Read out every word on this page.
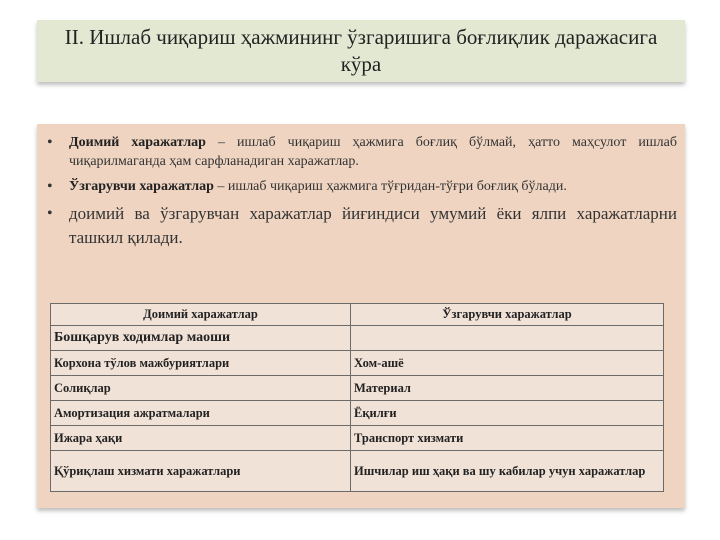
II. Ишлаб чиқариш ҳажмининг ўзгаришига боғлиқлик даражасига кўра
• Доимий харажатлар – ишлаб чиқариш ҳажмига боғлиқ бўлмай, ҳатто маҳсулот ишлаб чиқарилмаганда ҳам сарфланадиган харажатлар.
• Ўзгарувчи харажатлар – ишлаб чиқариш ҳажмига тўғридан-тўғри боғлиқ бўлади.
• доимий ва ўзгарувчан харажатлар йиғиндиси умумий ёки ялпи харажатларни ташкил қилади.
Доимий харажатлар	Ўзгарувчи харажатлар
Бошқарув ходимлар маоши	
Корхона тўлов мажбуриятлари	Хом-ашё
Солиқлар	Материал
Амортизация ажратмалари	Ёқилғи
Ижара ҳақи	Транспорт хизмати
Қўриқлаш хизмати харажатлари	Ишчилар иш ҳақи ва шу кабилар учун харажатлар
